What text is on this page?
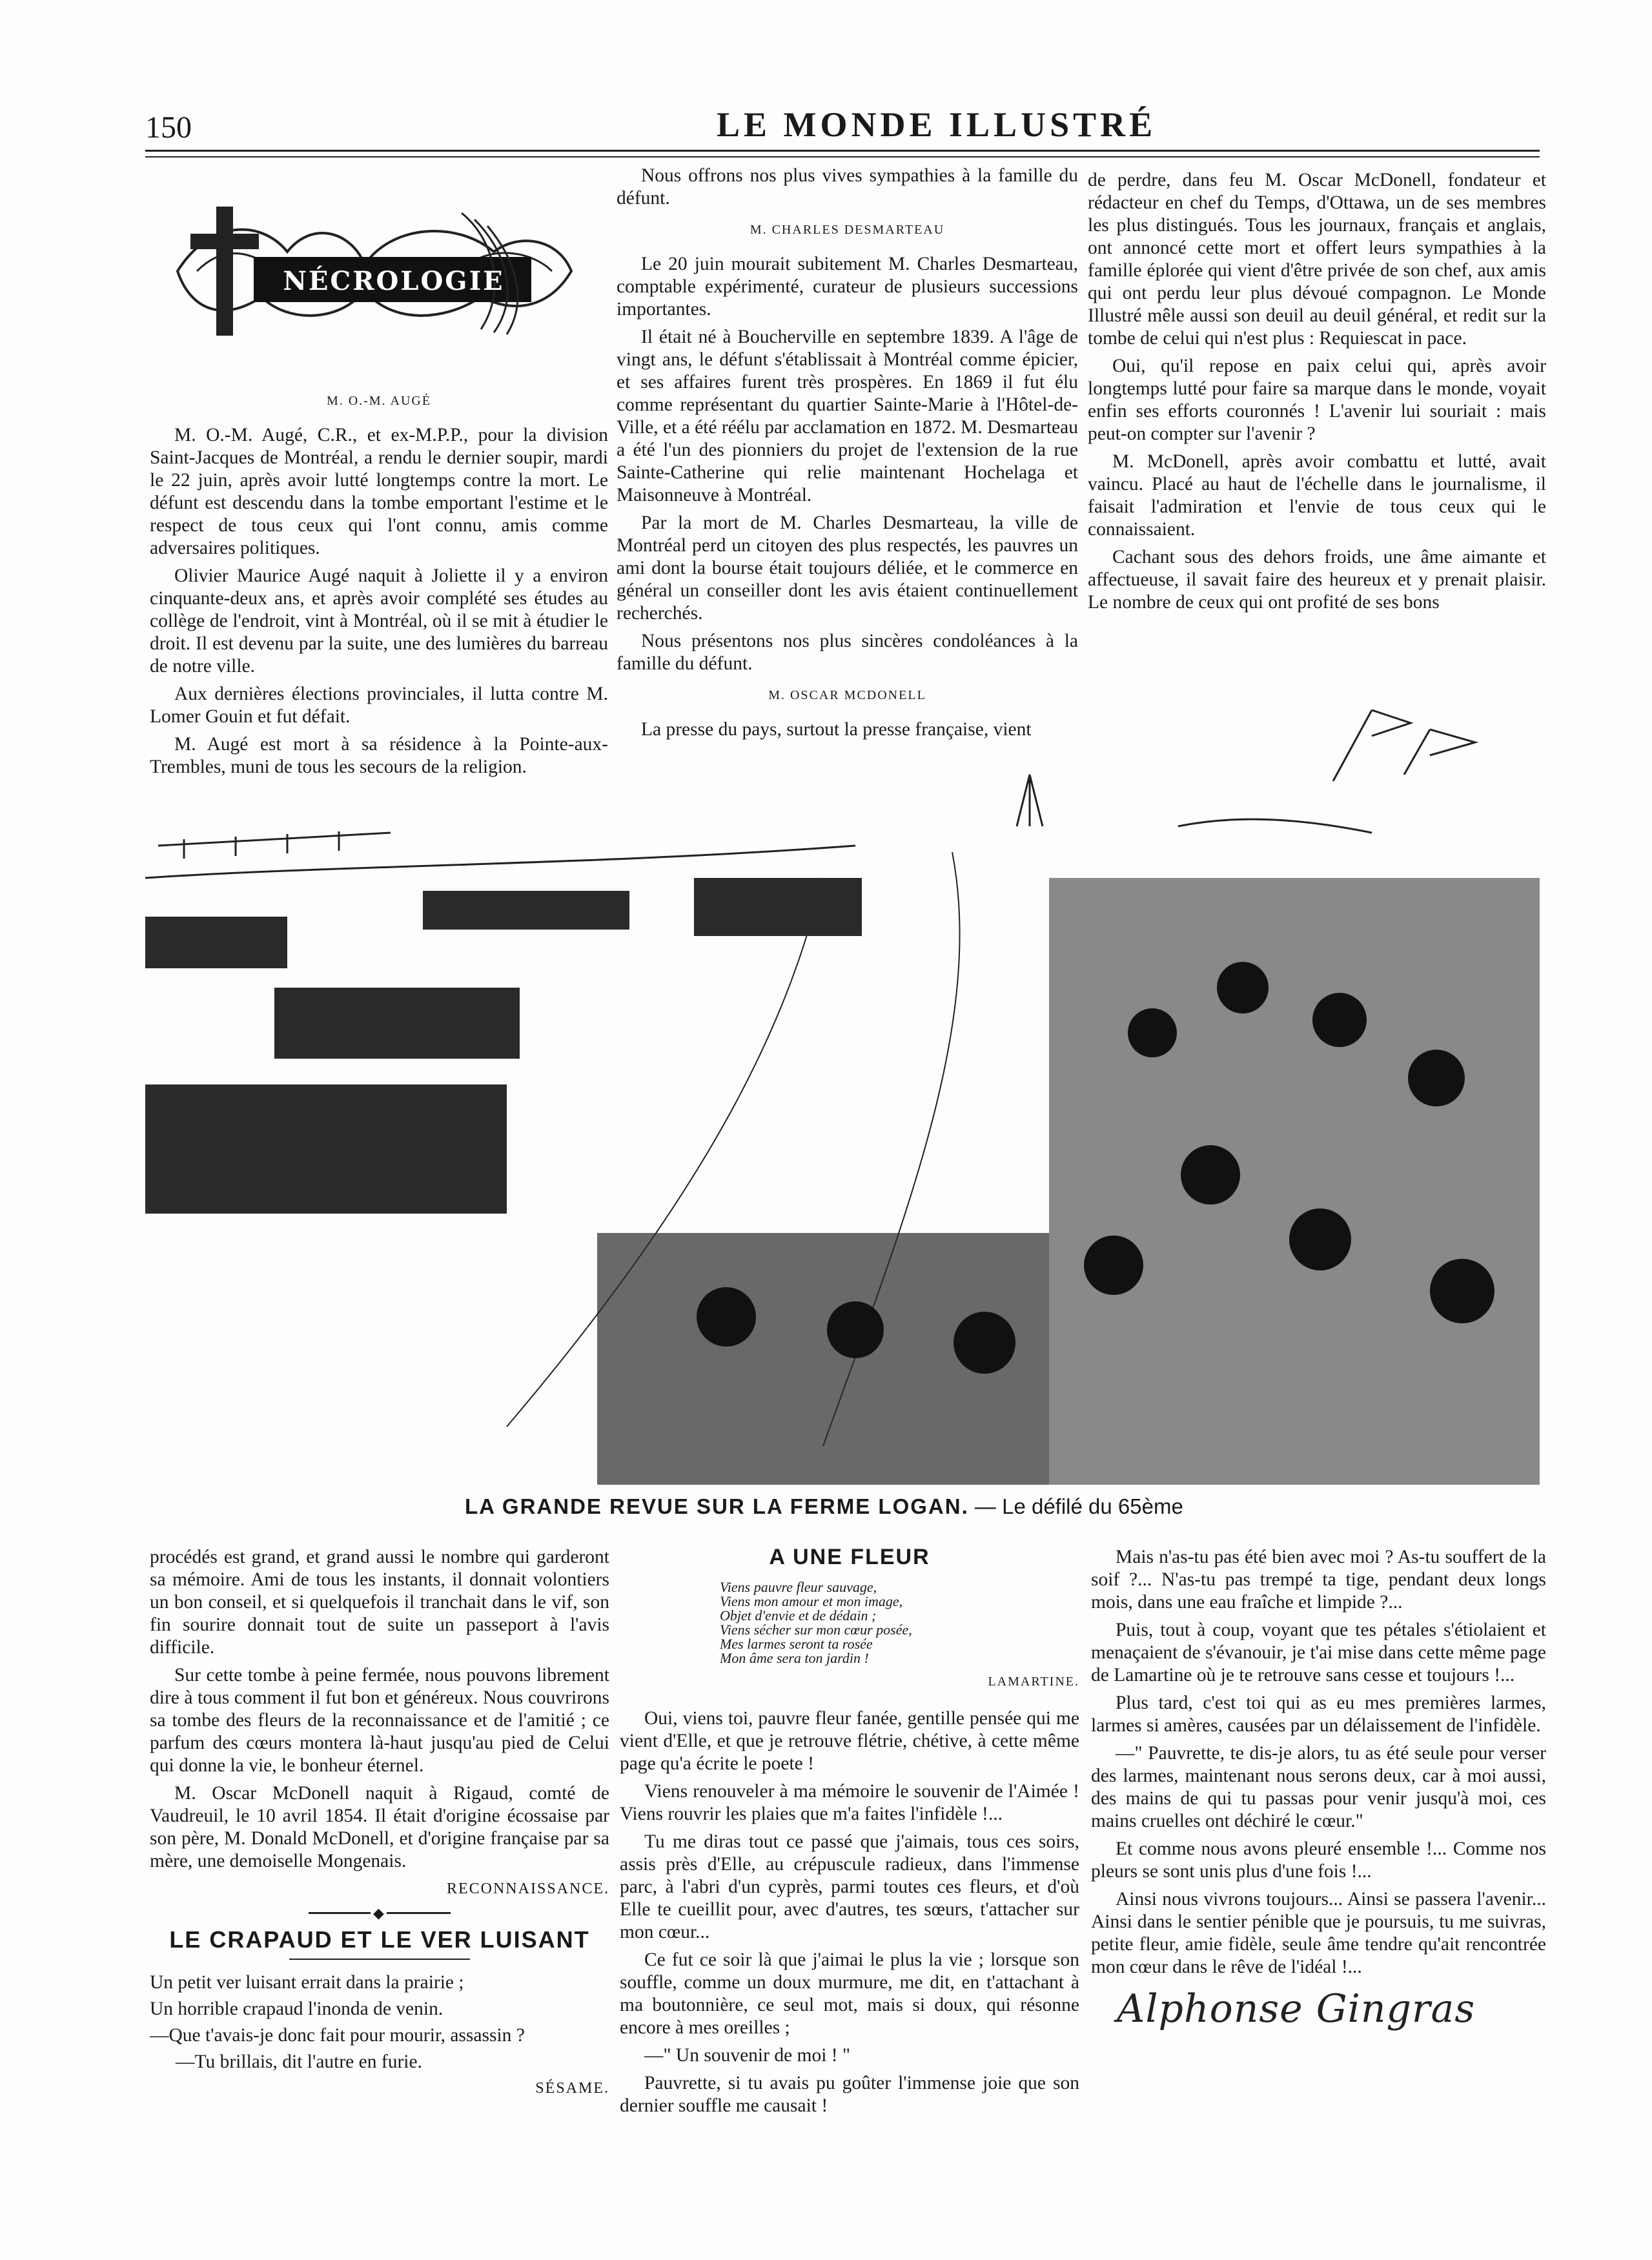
150	LE MONDE ILLUSTRÉ
NÉCROLOGIE
M. O.-M. AUGÉ

M. O.-M. Augé, C.R., et ex-M.P.P., pour la division Saint-Jacques de Montréal, a rendu le dernier soupir, mardi le 22 juin, après avoir lutté longtemps contre la mort. Le défunt est descendu dans la tombe emportant l'estime et le respect de tous ceux qui l'ont connu, amis comme adversaires politiques.

Olivier Maurice Augé naquit à Joliette il y a environ cinquante-deux ans, et après avoir complété ses études au collège de l'endroit, vint à Montréal, où il se mit à étudier le droit. Il est devenu par la suite, une des lumières du barreau de notre ville.

Aux dernières élections provinciales, il lutta contre M. Lomer Gouin et fut défait.

M. Augé est mort à sa résidence à la Pointe-aux-Trembles, muni de tous les secours de la religion.

Nous offrons nos plus vives sympathies à la famille du défunt.

M. CHARLES DESMARTEAU

Le 20 juin mourait subitement M. Charles Desmarteau, comptable expérimenté, curateur de plusieurs successions importantes.

Il était né à Boucherville en septembre 1839. A l'âge de vingt ans, le défunt s'établissait à Montréal comme épicier, et ses affaires furent très prospères. En 1869 il fut élu comme représentant du quartier Sainte-Marie à l'Hôtel-de-Ville, et a été réélu par acclamation en 1872. M. Desmarteau a été l'un des pionniers du projet de l'extension de la rue Sainte-Catherine qui relie maintenant Hochelaga et Maisonneuve à Montréal.

Par la mort de M. Charles Desmarteau, la ville de Montréal perd un citoyen des plus respectés, les pauvres un ami dont la bourse était toujours déliée, et le commerce en général un conseiller dont les avis étaient continuellement recherchés.

Nous présentons nos plus sincères condoléances à la famille du défunt.

M. OSCAR MCDONELL

La presse du pays, surtout la presse française, vient

de perdre, dans feu M. Oscar McDonell, fondateur et rédacteur en chef du Temps, d'Ottawa, un de ses membres les plus distingués. Tous les journaux, français et anglais, ont annoncé cette mort et offert leurs sympathies à la famille éplorée qui vient d'être privée de son chef, aux amis qui ont perdu leur plus dévoué compagnon. Le Monde Illustré mêle aussi son deuil au deuil général, et redit sur la tombe de celui qui n'est plus : Requiescat in pace.

Oui, qu'il repose en paix celui qui, après avoir longtemps lutté pour faire sa marque dans le monde, voyait enfin ses efforts couronnés ! L'avenir lui souriait : mais peut-on compter sur l'avenir ?

M. McDonell, après avoir combattu et lutté, avait vaincu. Placé au haut de l'échelle dans le journalisme, il faisait l'admiration et l'envie de tous ceux qui le connaissaient.

Cachant sous des dehors froids, une âme aimante et affectueuse, il savait faire des heureux et y prenait plaisir. Le nombre de ceux qui ont profité de ses bons

LA GRANDE REVUE SUR LA FERME LOGAN. — Le défilé du 65ème

procédés est grand, et grand aussi le nombre qui garderont sa mémoire. Ami de tous les instants, il donnait volontiers un bon conseil, et si quelquefois il tranchait dans le vif, son fin sourire donnait tout de suite un passeport à l'avis difficile.

Sur cette tombe à peine fermée, nous pouvons librement dire à tous comment il fut bon et généreux. Nous couvrirons sa tombe des fleurs de la reconnaissance et de l'amitié ; ce parfum des cœurs montera là-haut jusqu'au pied de Celui qui donne la vie, le bonheur éternel.

M. Oscar McDonell naquit à Rigaud, comté de Vaudreuil, le 10 avril 1854. Il était d'origine écossaise par son père, M. Donald McDonell, et d'origine française par sa mère, une demoiselle Mongenais.

RECONNAISSANCE.
◆
LE CRAPAUD ET LE VER LUISANT

Un petit ver luisant errait dans la prairie ;

Un horrible crapaud l'inonda de venin.

—Que t'avais-je donc fait pour mourir, assassin ?

—Tu brillais, dit l'autre en furie.

SÉSAME.
A UNE FLEUR
Viens pauvre fleur sauvage,
Viens mon amour et mon image,
Objet d'envie et de dédain ;
Viens sécher sur mon cœur posée,
Mes larmes seront ta rosée
Mon âme sera ton jardin !
LAMARTINE.

Oui, viens toi, pauvre fleur fanée, gentille pensée qui me vient d'Elle, et que je retrouve flétrie, chétive, à cette même page qu'a écrite le poete !

Viens renouveler à ma mémoire le souvenir de l'Aimée ! Viens rouvrir les plaies que m'a faites l'infidèle !...

Tu me diras tout ce passé que j'aimais, tous ces soirs, assis près d'Elle, au crépuscule radieux, dans l'immense parc, à l'abri d'un cyprès, parmi toutes ces fleurs, et d'où Elle te cueillit pour, avec d'autres, tes sœurs, t'attacher sur mon cœur...

Ce fut ce soir là que j'aimai le plus la vie ; lorsque son souffle, comme un doux murmure, me dit, en t'attachant à ma boutonnière, ce seul mot, mais si doux, qui résonne encore à mes oreilles ;

—" Un souvenir de moi ! "

Pauvrette, si tu avais pu goûter l'immense joie que son dernier souffle me causait !

Mais n'as-tu pas été bien avec moi ? As-tu souffert de la soif ?... N'as-tu pas trempé ta tige, pendant deux longs mois, dans une eau fraîche et limpide ?...

Puis, tout à coup, voyant que tes pétales s'étiolaient et menaçaient de s'évanouir, je t'ai mise dans cette même page de Lamartine où je te retrouve sans cesse et toujours !...

Plus tard, c'est toi qui as eu mes premières larmes, larmes si amères, causées par un délaissement de l'infidèle.

—" Pauvrette, te dis-je alors, tu as été seule pour verser des larmes, maintenant nous serons deux, car à moi aussi, des mains de qui tu passas pour venir jusqu'à moi, ces mains cruelles ont déchiré le cœur."

Et comme nous avons pleuré ensemble !... Comme nos pleurs se sont unis plus d'une fois !...

Ainsi nous vivrons toujours... Ainsi se passera l'avenir... Ainsi dans le sentier pénible que je poursuis, tu me suivras, petite fleur, amie fidèle, seule âme tendre qu'ait rencontrée mon cœur dans le rêve de l'idéal !...

Alphonse Gingras
